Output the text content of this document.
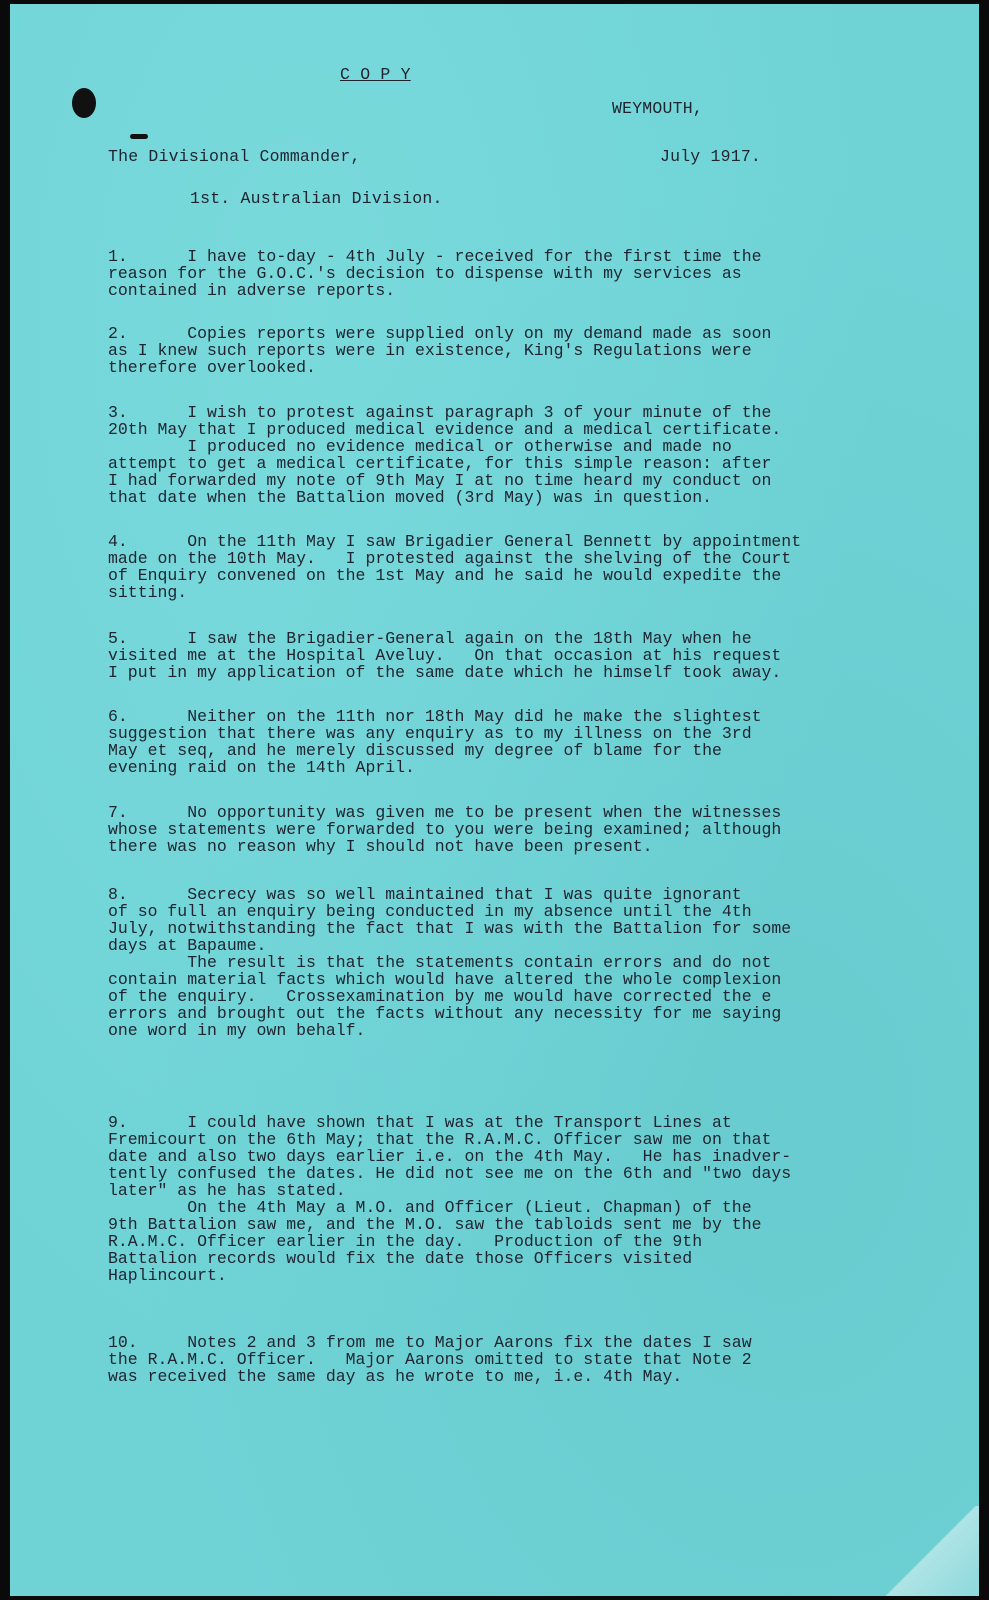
C O P Y
WEYMOUTH,
July 1917.
The Divisional Commander,
1st. Australian Division.
1.      I have to-day - 4th July - received for the first time the
reason for the G.O.C.'s decision to dispense with my services as
contained in adverse reports.
2.      Copies reports were supplied only on my demand made as soon
as I knew such reports were in existence, King's Regulations were
therefore overlooked.
3.      I wish to protest against paragraph 3 of your minute of the
20th May that I produced medical evidence and a medical certificate.
I produced no evidence medical or otherwise and made no
attempt to get a medical certificate, for this simple reason: after
I had forwarded my note of 9th May I at no time heard my conduct on
that date when the Battalion moved (3rd May) was in question.
4.      On the 11th May I saw Brigadier General Bennett by appointment
made on the 10th May.   I protested against the shelving of the Court
of Enquiry convened on the 1st May and he said he would expedite the
sitting.
5.      I saw the Brigadier-General again on the 18th May when he
visited me at the Hospital Aveluy.   On that occasion at his request
I put in my application of the same date which he himself took away.
6.      Neither on the 11th nor 18th May did he make the slightest
suggestion that there was any enquiry as to my illness on the 3rd
May et seq, and he merely discussed my degree of blame for the
evening raid on the 14th April.
7.      No opportunity was given me to be present when the witnesses
whose statements were forwarded to you were being examined; although
there was no reason why I should not have been present.
8.      Secrecy was so well maintained that I was quite ignorant
of so full an enquiry being conducted in my absence until the 4th
July, notwithstanding the fact that I was with the Battalion for some
days at Bapaume.
The result is that the statements contain errors and do not
contain material facts which would have altered the whole complexion
of the enquiry.   Crossexamination by me would have corrected the e
errors and brought out the facts without any necessity for me saying
one word in my own behalf.
9.      I could have shown that I was at the Transport Lines at
Fremicourt on the 6th May; that the R.A.M.C. Officer saw me on that
date and also two days earlier i.e. on the 4th May.   He has inadver-
tently confused the dates. He did not see me on the 6th and "two days
later" as he has stated.
On the 4th May a M.O. and Officer (Lieut. Chapman) of the
9th Battalion saw me, and the M.O. saw the tabloids sent me by the
R.A.M.C. Officer earlier in the day.   Production of the 9th
Battalion records would fix the date those Officers visited
Haplincourt.
10.     Notes 2 and 3 from me to Major Aarons fix the dates I saw
the R.A.M.C. Officer.   Major Aarons omitted to state that Note 2
was received the same day as he wrote to me, i.e. 4th May.
